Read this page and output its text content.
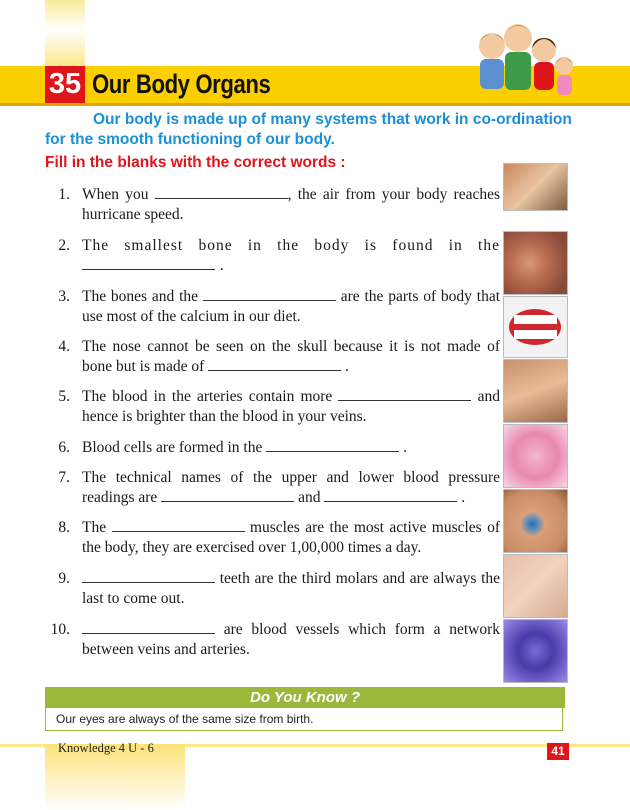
35 Our Body Organs
Our body is made up of many systems that work in co-ordination for the smooth functioning of our body.
Fill in the blanks with the correct words :
1. When you	, the air from your body reaches hurricane speed.
2. The smallest bone in the body is found in the  .
3. The bones and the	are the parts of body that use most of the calcium in our diet.
4. The nose cannot be seen on the skull because it is not made of bone but is made of	.
5. The blood in the arteries contain more	and hence is brighter than the blood in your veins.
6. Blood cells are formed in the	.
7. The technical names of the upper and lower blood pressure readings are	and	.
8. The	muscles are the most active muscles of the body, they are exercised over 1,00,000 times a day.
9.	teeth are the third molars and are always the last to come out.
10.	are blood vessels which form a network between veins and arteries.
Do You Know ?
Our eyes are always of the same size from birth.
Knowledge 4 U - 6	41
